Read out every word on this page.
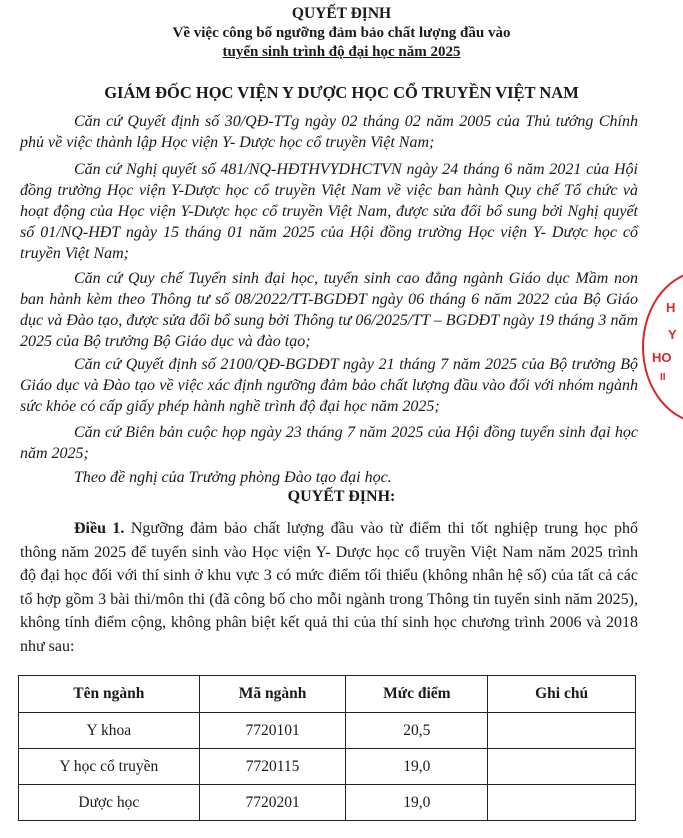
QUYẾT ĐỊNH

Về việc công bố ngưỡng đảm bảo chất lượng đầu vào

tuyển sinh trình độ đại học năm 2025

GIÁM ĐỐC HỌC VIỆN Y DƯỢC HỌC CỔ TRUYỀN VIỆT NAM

Căn cứ Quyết định số 30/QĐ-TTg ngày 02 tháng 02 năm 2005 của Thủ tướng Chính phủ về việc thành lập Học viện Y- Dược học cổ truyền Việt Nam;

Căn cứ Nghị quyết số 481/NQ-HĐTHVYDHCTVN ngày 24 tháng 6 năm 2021 của Hội đồng trường Học viện Y-Dược học cổ truyền Việt Nam về việc ban hành Quy chế Tổ chức và hoạt động của Học viện Y-Dược học cổ truyền Việt Nam, được sửa đổi bổ sung bởi Nghị quyết số 01/NQ-HĐT ngày 15 tháng 01 năm 2025 của Hội đồng trường Học viện Y- Dược học cổ truyền Việt Nam;

Căn cứ Quy chế Tuyển sinh đại học, tuyển sinh cao đẳng ngành Giáo dục Mầm non ban hành kèm theo Thông tư số 08/2022/TT-BGDĐT ngày 06 tháng 6 năm 2022 của Bộ Giáo dục và Đào tạo, được sửa đổi bổ sung bởi Thông tư 06/2025/TT – BGDĐT ngày 19 tháng 3 năm 2025 của Bộ trưởng Bộ Giáo dục và đào tạo;

Căn cứ Quyết định số 2100/QĐ-BGDĐT ngày 21 tháng 7 năm 2025 của Bộ trưởng Bộ Giáo dục và Đào tạo về việc xác định ngưỡng đảm bảo chất lượng đầu vào đối với nhóm ngành sức khỏe có cấp giấy phép hành nghề trình độ đại học năm 2025;

Căn cứ Biên bản cuộc họp ngày 23 tháng 7 năm 2025 của Hội đồng tuyển sinh đại học năm 2025;

Theo đề nghị của Trưởng phòng Đào tạo đại học.

QUYẾT ĐỊNH:

Điều 1. Ngưỡng đảm bảo chất lượng đầu vào từ điểm thi tốt nghiệp trung học phổ thông năm 2025 để tuyển sinh vào Học viện Y- Dược học cổ truyền Việt Nam năm 2025 trình độ đại học đối với thí sinh ở khu vực 3 có mức điểm tối thiểu (không nhân hệ số) của tất cả các tổ hợp gồm 3 bài thi/môn thi (đã công bố cho mỗi ngành trong Thông tin tuyển sinh năm 2025), không tính điểm cộng, không phân biệt kết quả thi của thí sinh học chương trình 2006 và 2018 như sau:

Tên ngành	Mã ngành	Mức điểm	Ghi chú
Y khoa	7720101	20,5	
Y học cổ truyền	7720115	19,0	
Dược học	7720201	19,0	
H
Y
HO
II
